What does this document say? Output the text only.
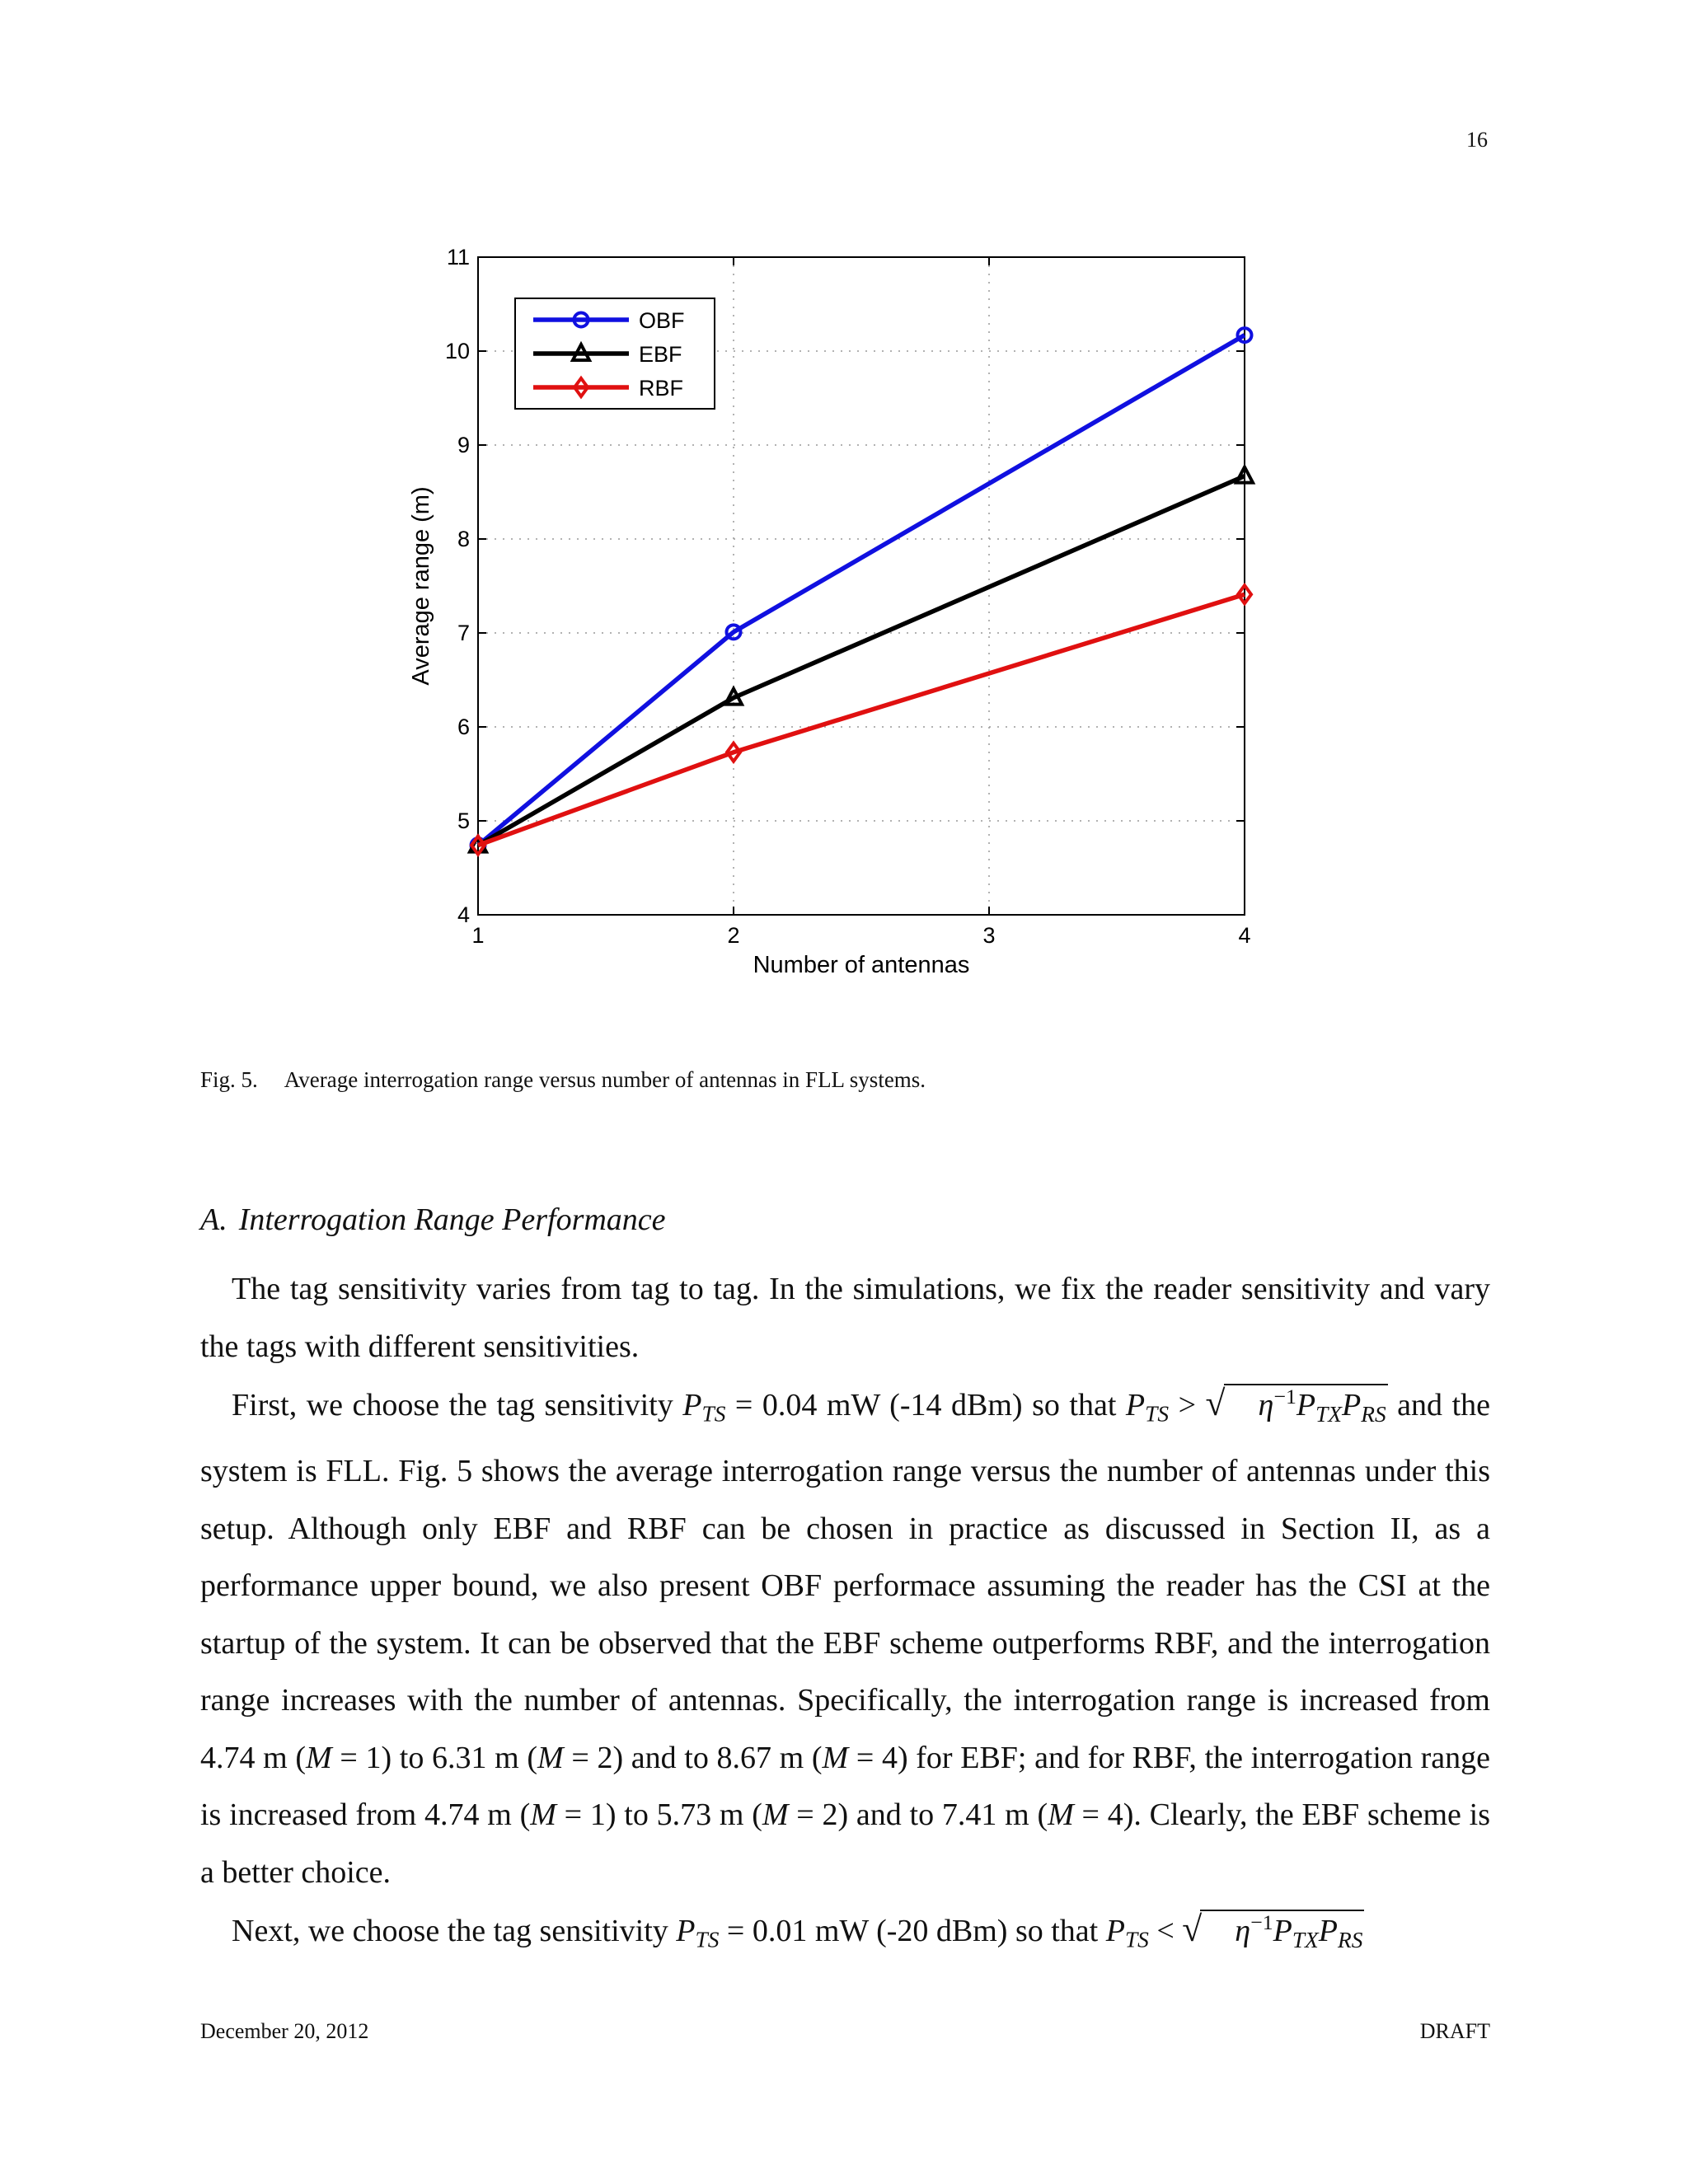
16
1	2	3	4
4
5
6
7
8
9
10
11
Number of antennas
Average range (m)
OBF
EBF
RBF
Fig. 5. Average interrogation range versus number of antennas in FLL systems.
A. Interrogation Range Performance

The tag sensitivity varies from tag to tag. In the simulations, we fix the reader sensitivity and vary the tags with different sensitivities.

First, we choose the tag sensitivity $P_{TS} = 0.04$ mW (-14 dBm) so that $P_{TS}$ > √ $\eta^{-1}P_{TX}P_{RS}$ and the system is FLL. Fig. 5 shows the average interrogation range versus the number of antennas under this setup. Although only EBF and RBF can be chosen in practice as discussed in Section II, as a performance upper bound, we also present OBF performace assuming the reader has the CSI at the startup of the system. It can be observed that the EBF scheme outperforms RBF, and the interrogation range increases with the number of antennas. Specifically, the interrogation range is increased from 4.74 m (M = 1) to 6.31 m (M = 2) and to 8.67 m (M = 4) for EBF; and for RBF, the interrogation range is increased from 4.74 m (M = 1) to 5.73 m (M = 2) and to 7.41 m (M = 4). Clearly, the EBF scheme is a better choice.

Next, we choose the tag sensitivity $P_{TS} = 0.01$ mW (-20 dBm) so that $P_{TS}$ < √ $\eta^{-1}P_{TX}P_{RS}$

December 20, 2012	DRAFT
